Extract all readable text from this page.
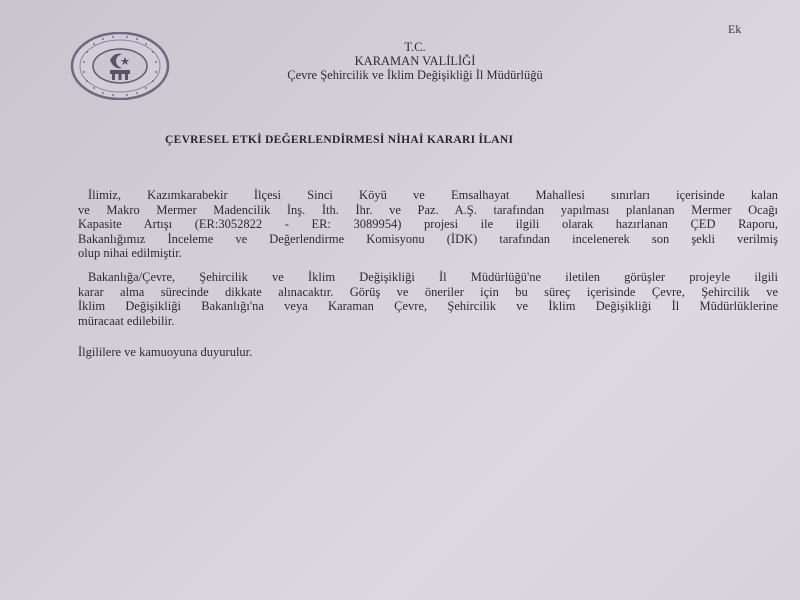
Ek
T.C.
KARAMAN VALİLİĞİ
Çevre Şehircilik ve İklim Değişikliği İl Müdürlüğü
ÇEVRESEL ETKİ DEĞERLENDİRMESİ NİHAİ KARARI İLANI
İlimiz, Kazımkarabekir İlçesi Sinci Köyü ve Emsalhayat Mahallesi sınırları içerisinde kalan
ve Makro Mermer Madencilik İnş. İth. İhr. ve Paz. A.Ş. tarafından yapılması planlanan Mermer Ocağı
Kapasite Artışı (ER:3052822 - ER: 3089954) projesi ile ilgili olarak hazırlanan ÇED Raporu,
Bakanlığımız İnceleme ve Değerlendirme Komisyonu (İDK) tarafından incelenerek son şekli verilmiş
olup nihai edilmiştir.
Bakanlığa/Çevre, Şehircilik ve İklim Değişikliği İl Müdürlüğü'ne iletilen görüşler projeyle ilgili
karar alma sürecinde dikkate alınacaktır. Görüş ve öneriler için bu süreç içerisinde Çevre, Şehircilik ve
İklim Değişikliği Bakanlığı'na veya Karaman Çevre, Şehircilik ve İklim Değişikliği İl Müdürlüklerine
müracaat edilebilir.
İlgililere ve kamuoyuna duyurulur.
